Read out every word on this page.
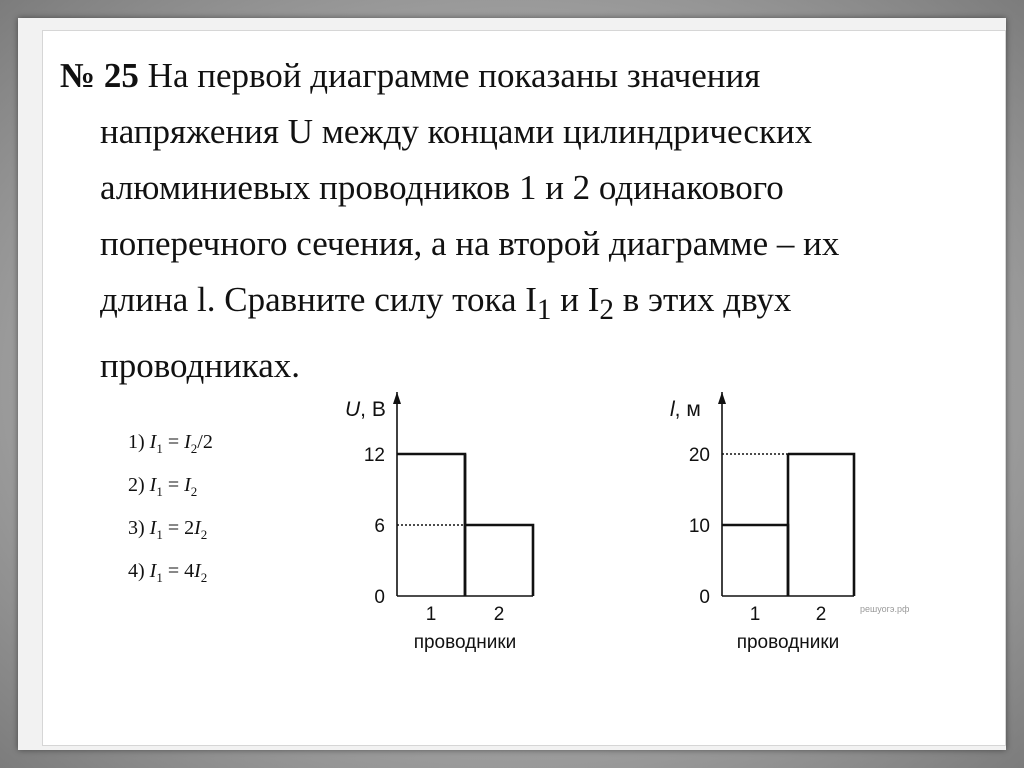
№ 25 На первой диаграмме показаны значения
напряжения U между концами цилиндрических
алюминиевых проводников 1 и 2 одинакового
поперечного сечения, а на второй диаграмме – их
длина l. Сравните силу тока $I_1$ и $I_2$ в этих двух
проводниках.
1) $I_1 = I_2/2$
2) $I_1 = I_2$
3) $I_1 = 2I_2$
4) $I_1 = 4I_2$
U, В
0
6
12
1	2
проводники
l, м
0
10
20
1	2
проводники
решуогэ.рф
